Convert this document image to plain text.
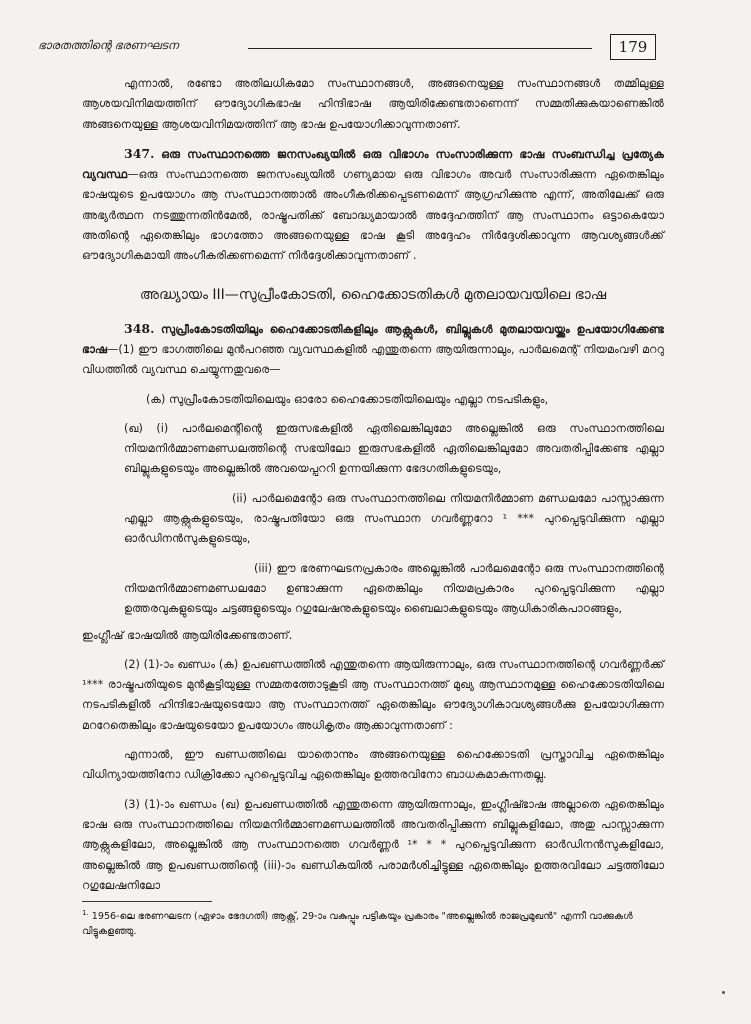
ഭാരതത്തിന്റെ ഭരണഘടന	179

എന്നാൽ, രണ്ടോ അതിലധികമോ സംസ്ഥാനങ്ങൾ, അങ്ങനെയുള്ള സംസ്ഥാനങ്ങൾ തമ്മിലുള്ള ആശയവിനിമയത്തിന് ഔദ്യോഗികഭാഷ ഹിന്ദിഭാഷ ആയിരിക്കേണ്ടതാണെന്ന് സമ്മതിക്കുകയാണെങ്കിൽ അങ്ങനെയുള്ള ആശയവിനിമയത്തിന് ആ ഭാഷ ഉപയോഗിക്കാവുന്നതാണ്.

347. ഒരു സംസ്ഥാനത്തെ ജനസംഖ്യയിൽ ഒരു വിഭാഗം സംസാരിക്കുന്ന ഭാഷ സംബന്ധിച്ച പ്രത്യേക വ്യവസ്ഥ—ഒരു സംസ്ഥാനത്തെ ജനസംഖ്യയിൽ ഗണ്യമായ ഒരു വിഭാഗം അവർ സംസാരിക്കുന്ന ഏതെങ്കിലും ഭാഷയുടെ ഉപയോഗം ആ സംസ്ഥാനത്താൽ അംഗീകരിക്കപ്പെടണമെന്ന് ആഗ്രഹിക്കുന്നു എന്ന്, അതിലേക്ക് ഒരു അഭ്യർത്ഥന നടത്തുന്നതിൻമേൽ, രാഷ്ട്രപതിക്ക് ബോദ്ധ്യമായാൽ അദ്ദേഹത്തിന് ആ സംസ്ഥാനം ഒട്ടാകെയോ അതിന്റെ ഏതെങ്കിലും ഭാഗത്തോ അങ്ങനെയുള്ള ഭാഷ കൂടി അദ്ദേഹം നിർദ്ദേശിക്കാവുന്ന ആവശ്യങ്ങൾക്ക് ഔദ്യോഗികമായി അംഗീകരിക്കണമെന്ന് നിർദ്ദേശിക്കാവുന്നതാണ് .

അദ്ധ്യായം III—സുപ്രീംകോടതി, ഹൈക്കോടതികൾ മുതലായവയിലെ ഭാഷ

348. സുപ്രീംകോടതിയിലും ഹൈക്കോടതികളിലും ആക്റ്റുകൾ, ബില്ലുകൾ മുതലായവയ്ക്കും ഉപയോഗിക്കേണ്ട ഭാഷ—(1) ഈ ഭാഗത്തിലെ മുൻപറഞ്ഞ വ്യവസ്ഥകളിൽ എന്തുതന്നെ ആയിരുന്നാലും, പാർലമെന്റ് നിയമംവഴി മററു വിധത്തിൽ വ്യവസ്ഥ ചെയ്യുന്നതുവരെ—

(ക) സുപ്രീംകോടതിയിലെയും ഓരോ ഹൈക്കോടതിയിലെയും എല്ലാ നടപടികളും,

(ഖ) (i) പാർലമെന്റിന്റെ ഇരുസഭകളിൽ ഏതിലെങ്കിലുമോ അല്ലെങ്കിൽ ഒരു സംസ്ഥാനത്തിലെ നിയമനിർമ്മാണമണ്ഡലത്തിന്റെ സഭയിലോ ഇരുസഭകളിൽ ഏതിലെങ്കിലുമോ അവതരിപ്പിക്കേണ്ട എല്ലാ ബില്ലുകളുടെയും അല്ലെങ്കിൽ അവയെപ്പററി ഉന്നയിക്കുന്ന ഭേദഗതികളുടെയും,

(ii) പാർലമെന്റോ ഒരു സംസ്ഥാനത്തിലെ നിയമനിർമ്മാണ മണ്ഡലമോ പാസ്സാക്കുന്ന എല്ലാ ആക്റ്റുകളുടെയും, രാഷ്ട്രപതിയോ ഒരു സംസ്ഥാന ഗവർണ്ണറോ ¹ *** പുറപ്പെടുവിക്കുന്ന എല്ലാ ഓർഡിനൻസുകളുടെയും,

(iii) ഈ ഭരണഘടനപ്രകാരം അല്ലെങ്കിൽ പാർലമെന്റോ ഒരു സംസ്ഥാനത്തിന്റെ നിയമനിർമ്മാണമണ്ഡലമോ ഉണ്ടാക്കുന്ന ഏതെങ്കിലും നിയമപ്രകാരം പുറപ്പെടുവിക്കുന്ന എല്ലാ ഉത്തരവുകളുടെയും ചട്ടങ്ങളുടെയും റഗുലേഷനുകളുടെയും ബൈലാകളുടെയും ആധികാരികപാഠങ്ങളും,

ഇംഗ്ലീഷ് ഭാഷയിൽ ആയിരിക്കേണ്ടതാണ്.

(2) (1)-ാം ഖണ്ഡം (ക) ഉപഖണ്ഡത്തിൽ എന്തുതന്നെ ആയിരുന്നാലും, ഒരു സംസ്ഥാനത്തിന്റെ ഗവർണ്ണർക്ക് ¹*** രാഷ്ട്രപതിയുടെ മുൻകൂട്ടിയുള്ള സമ്മതത്തോടുകൂടി ആ സംസ്ഥാനത്ത് മുഖ്യ ആസ്ഥാനമുള്ള ഹൈക്കോടതിയിലെ നടപടികളിൽ ഹിന്ദിഭാഷയുടെയോ ആ സംസ്ഥാനത്ത് ഏതെങ്കിലും ഔദ്യോഗികാവശ്യങ്ങൾക്കു ഉപയോഗിക്കുന്ന മററേതെങ്കിലും ഭാഷയുടെയോ ഉപയോഗം അധികൃതം ആക്കാവുന്നതാണ് :

എന്നാൽ, ഈ ഖണ്ഡത്തിലെ യാതൊന്നും അങ്ങനെയുള്ള ഹൈക്കോടതി പ്രസ്താവിച്ച ഏതെങ്കിലും വിധിന്യായത്തിനോ ഡിക്രിക്കോ പുറപ്പെടുവിച്ച ഏതെങ്കിലും ഉത്തരവിനോ ബാധകമാകുന്നതല്ല.

(3) (1)-ാം ഖണ്ഡം (ഖ) ഉപഖണ്ഡത്തിൽ എന്തുതന്നെ ആയിരുന്നാലും, ഇംഗ്ലീഷ്ഭാഷ അല്ലാതെ ഏതെങ്കിലും ഭാഷ ഒരു സംസ്ഥാനത്തിലെ നിയമനിർമ്മാണമണ്ഡലത്തിൽ അവതരിപ്പിക്കുന്ന ബില്ലുകളിലോ, അതു പാസ്സാക്കുന്ന ആക്റ്റുകളിലോ, അല്ലെങ്കിൽ ആ സംസ്ഥാനത്തെ ഗവർണ്ണർ ¹* * * പുറപ്പെടുവിക്കുന്ന ഓർഡിനൻസുകളിലോ, അല്ലെങ്കിൽ ആ ഉപഖണ്ഡത്തിന്റെ (iii)-ാം ഖണ്ഡികയിൽ പരാമർശിച്ചിട്ടുള്ള ഏതെങ്കിലും ഉത്തരവിലോ ചട്ടത്തിലോ റഗുലേഷനിലോ

$^{1.}$ 1956-ലെ ഭരണഘടന (ഏഴാം ഭേദഗതി) ആക്റ്റ്, 29-ാം വകുപ്പും പട്ടികയും പ്രകാരം "അല്ലെങ്കിൽ രാജപ്രമുഖൻ" എന്നീ വാക്കുകൾ വിട്ടുകളഞ്ഞു.
